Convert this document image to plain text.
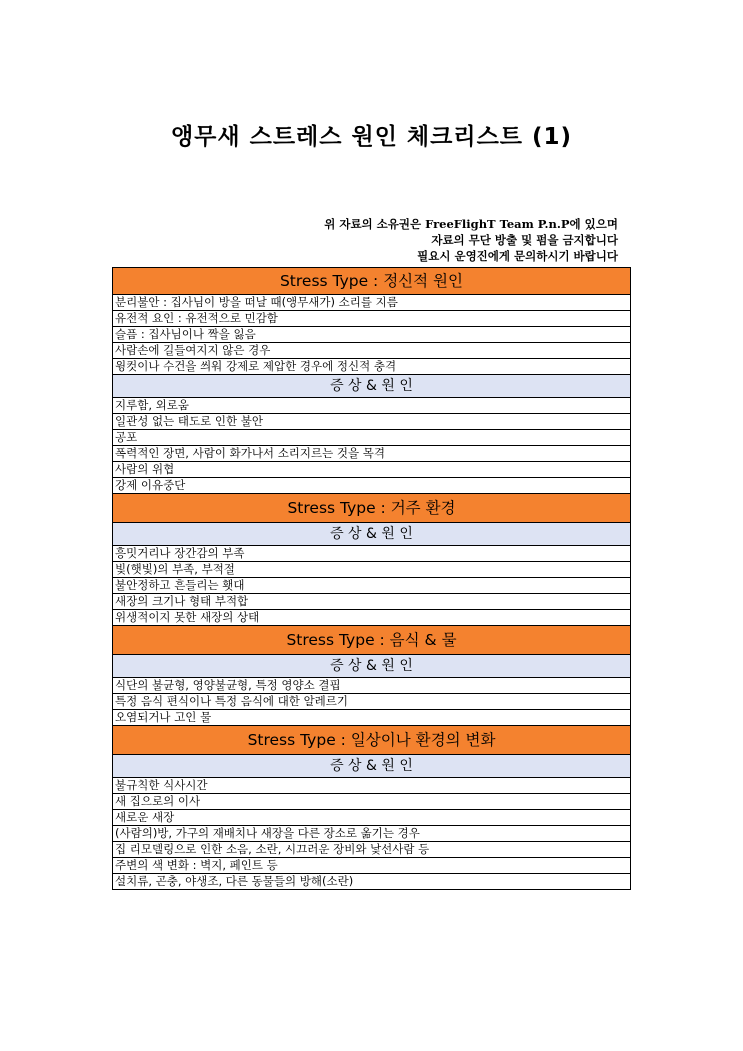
앵무새 스트레스 원인 체크리스트 (1)
위 자료의 소유권은 FreeFlighT Team P.n.P에 있으며
자료의 무단 방출 및 펌을 금지합니다
필요시 운영진에게 문의하시기 바랍니다
Stress Type : 정신적 원인
분리불안 : 집사님이 방을 떠날 때(앵무새가) 소리를 지름
유전적 요인 : 유전적으로 민감함
슬픔 : 집사님이나 짝을 잃음
사람손에 길들여지지 않은 경우
윙컷이나 수건을 씌워 강제로 제압한 경우에 정신적 충격
증 상 & 원 인
지루함, 외로움
일관성 없는 태도로 인한 불안
공포
폭력적인 장면, 사람이 화가나서 소리지르는 것을 목격
사람의 위협
강제 이유중단
Stress Type : 거주 환경
증 상 & 원 인
흥밋거리나 장간감의 부족
빛(햇빛)의 부족, 부적절
불안정하고 흔들리는 횃대
새장의 크기나 형태 부적합
위생적이지 못한 새장의 상태
Stress Type : 음식 & 물
증 상 & 원 인
식단의 불균형, 영양불균형, 특정 영양소 결핍
특정 음식 편식이나 특정 음식에 대한 알레르기
오염되거나 고인 물
Stress Type : 일상이나 환경의 변화
증 상 & 원 인
불규칙한 식사시간
새 집으로의 이사
새로운 새장
(사람의)방, 가구의 재배치나 새장을 다른 장소로 옮기는 경우
집 리모델링으로 인한 소음, 소란, 시끄러운 장비와 낯선사람 등
주변의 색 변화 : 벽지, 페인트 등
설치류, 곤충, 야생조, 다른 동물들의 방해(소란)
